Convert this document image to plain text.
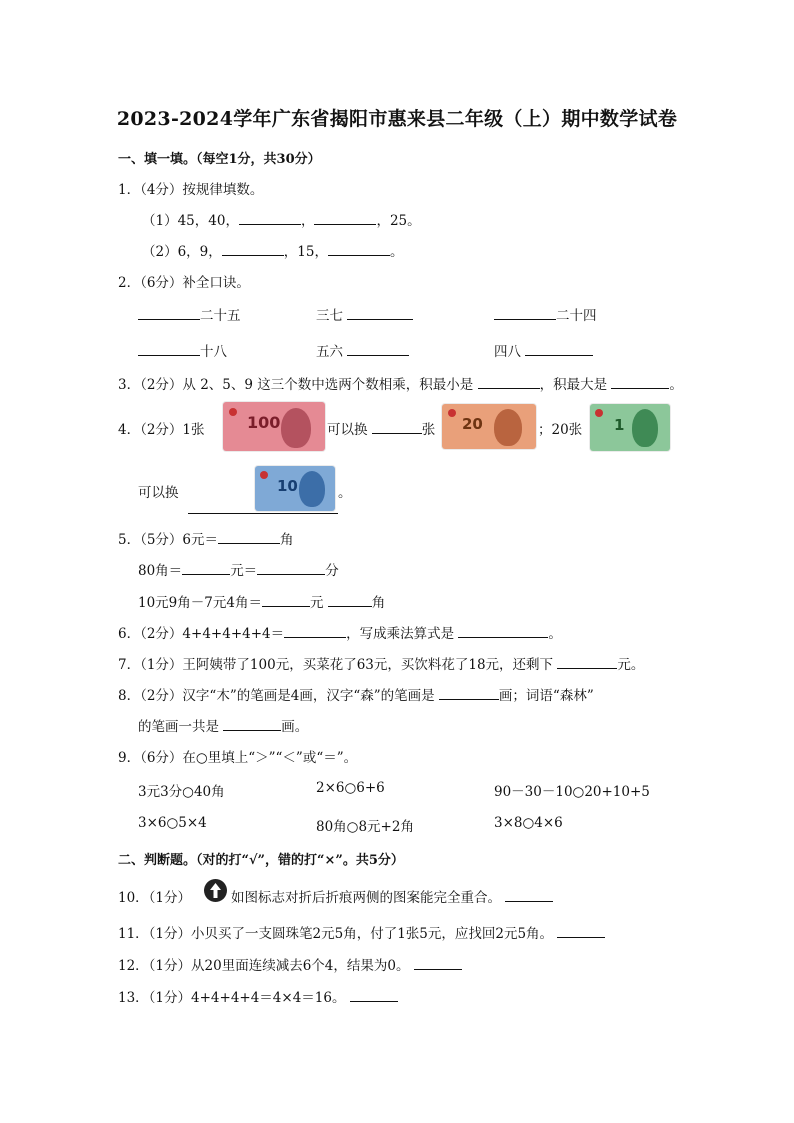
2023-2024学年广东省揭阳市惠来县二年级（上）期中数学试卷
一、填一填。（每空1分，共30分）
1．（4分）按规律填数。
（1）45，40，	，	，25。
（2）6，9，	，15，	。
2．（6分）补全口诀。
二十五	三七	二十四
十八	五六	四八
3．（2分）从 2、5、9 这三个数中选两个数相乘，积最小是	，积最大是	。
4．（2分）1张	100	可以换	张 20	；20张 1
可以换	10	。
5．（5分）6元＝	角
80角＝	元＝	分
10元9角－7元4角＝	元	角
6．（2分）4+4+4+4+4＝	，写成乘法算式是	。
7．（1分）王阿姨带了100元，买菜花了63元，买饮料花了18元，还剩下	元。
8．（2分）汉字“木”的笔画是4画，汉字“森”的笔画是	画；词语“森林”
的笔画一共是	画。
9．（6分）在○里填上“＞”“＜”或“＝”。
3元3分○40角	2×6○6+6	90－30－10○20+10+5
3×6○5×4	80角○8元+2角	3×8○4×6
二、判断题。（对的打“√”，错的打“×”。共5分）
10．（1分）	如图标志对折后折痕两侧的图案能完全重合。
11．（1分）小贝买了一支圆珠笔2元5角，付了1张5元，应找回2元5角。
12．（1分）从20里面连续减去6个4，结果为0。
13．（1分）4+4+4+4＝4×4＝16。
